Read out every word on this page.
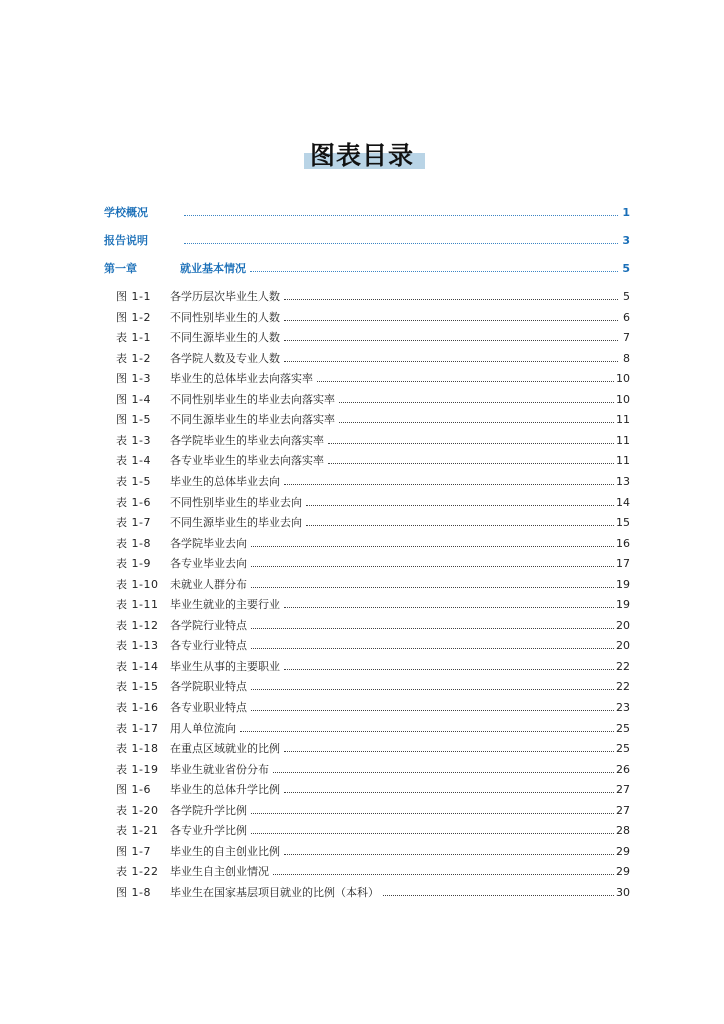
图表目录
学校概况	1
报告说明	3
第一章	就业基本情况	5
图 1-1	各学历层次毕业生人数	5
图 1-2	不同性别毕业生的人数	6
表 1-1	不同生源毕业生的人数	7
表 1-2	各学院人数及专业人数	8
图 1-3	毕业生的总体毕业去向落实率	10
图 1-4	不同性别毕业生的毕业去向落实率	10
图 1-5	不同生源毕业生的毕业去向落实率	11
表 1-3	各学院毕业生的毕业去向落实率	11
表 1-4	各专业毕业生的毕业去向落实率	11
表 1-5	毕业生的总体毕业去向	13
表 1-6	不同性别毕业生的毕业去向	14
表 1-7	不同生源毕业生的毕业去向	15
表 1-8	各学院毕业去向	16
表 1-9	各专业毕业去向	17
表 1-10	未就业人群分布	19
表 1-11	毕业生就业的主要行业	19
表 1-12	各学院行业特点	20
表 1-13	各专业行业特点	20
表 1-14	毕业生从事的主要职业	22
表 1-15	各学院职业特点	22
表 1-16	各专业职业特点	23
表 1-17	用人单位流向	25
表 1-18	在重点区域就业的比例	25
表 1-19	毕业生就业省份分布	26
图 1-6	毕业生的总体升学比例	27
表 1-20	各学院升学比例	27
表 1-21	各专业升学比例	28
图 1-7	毕业生的自主创业比例	29
表 1-22	毕业生自主创业情况	29
图 1-8	毕业生在国家基层项目就业的比例（本科）	30
